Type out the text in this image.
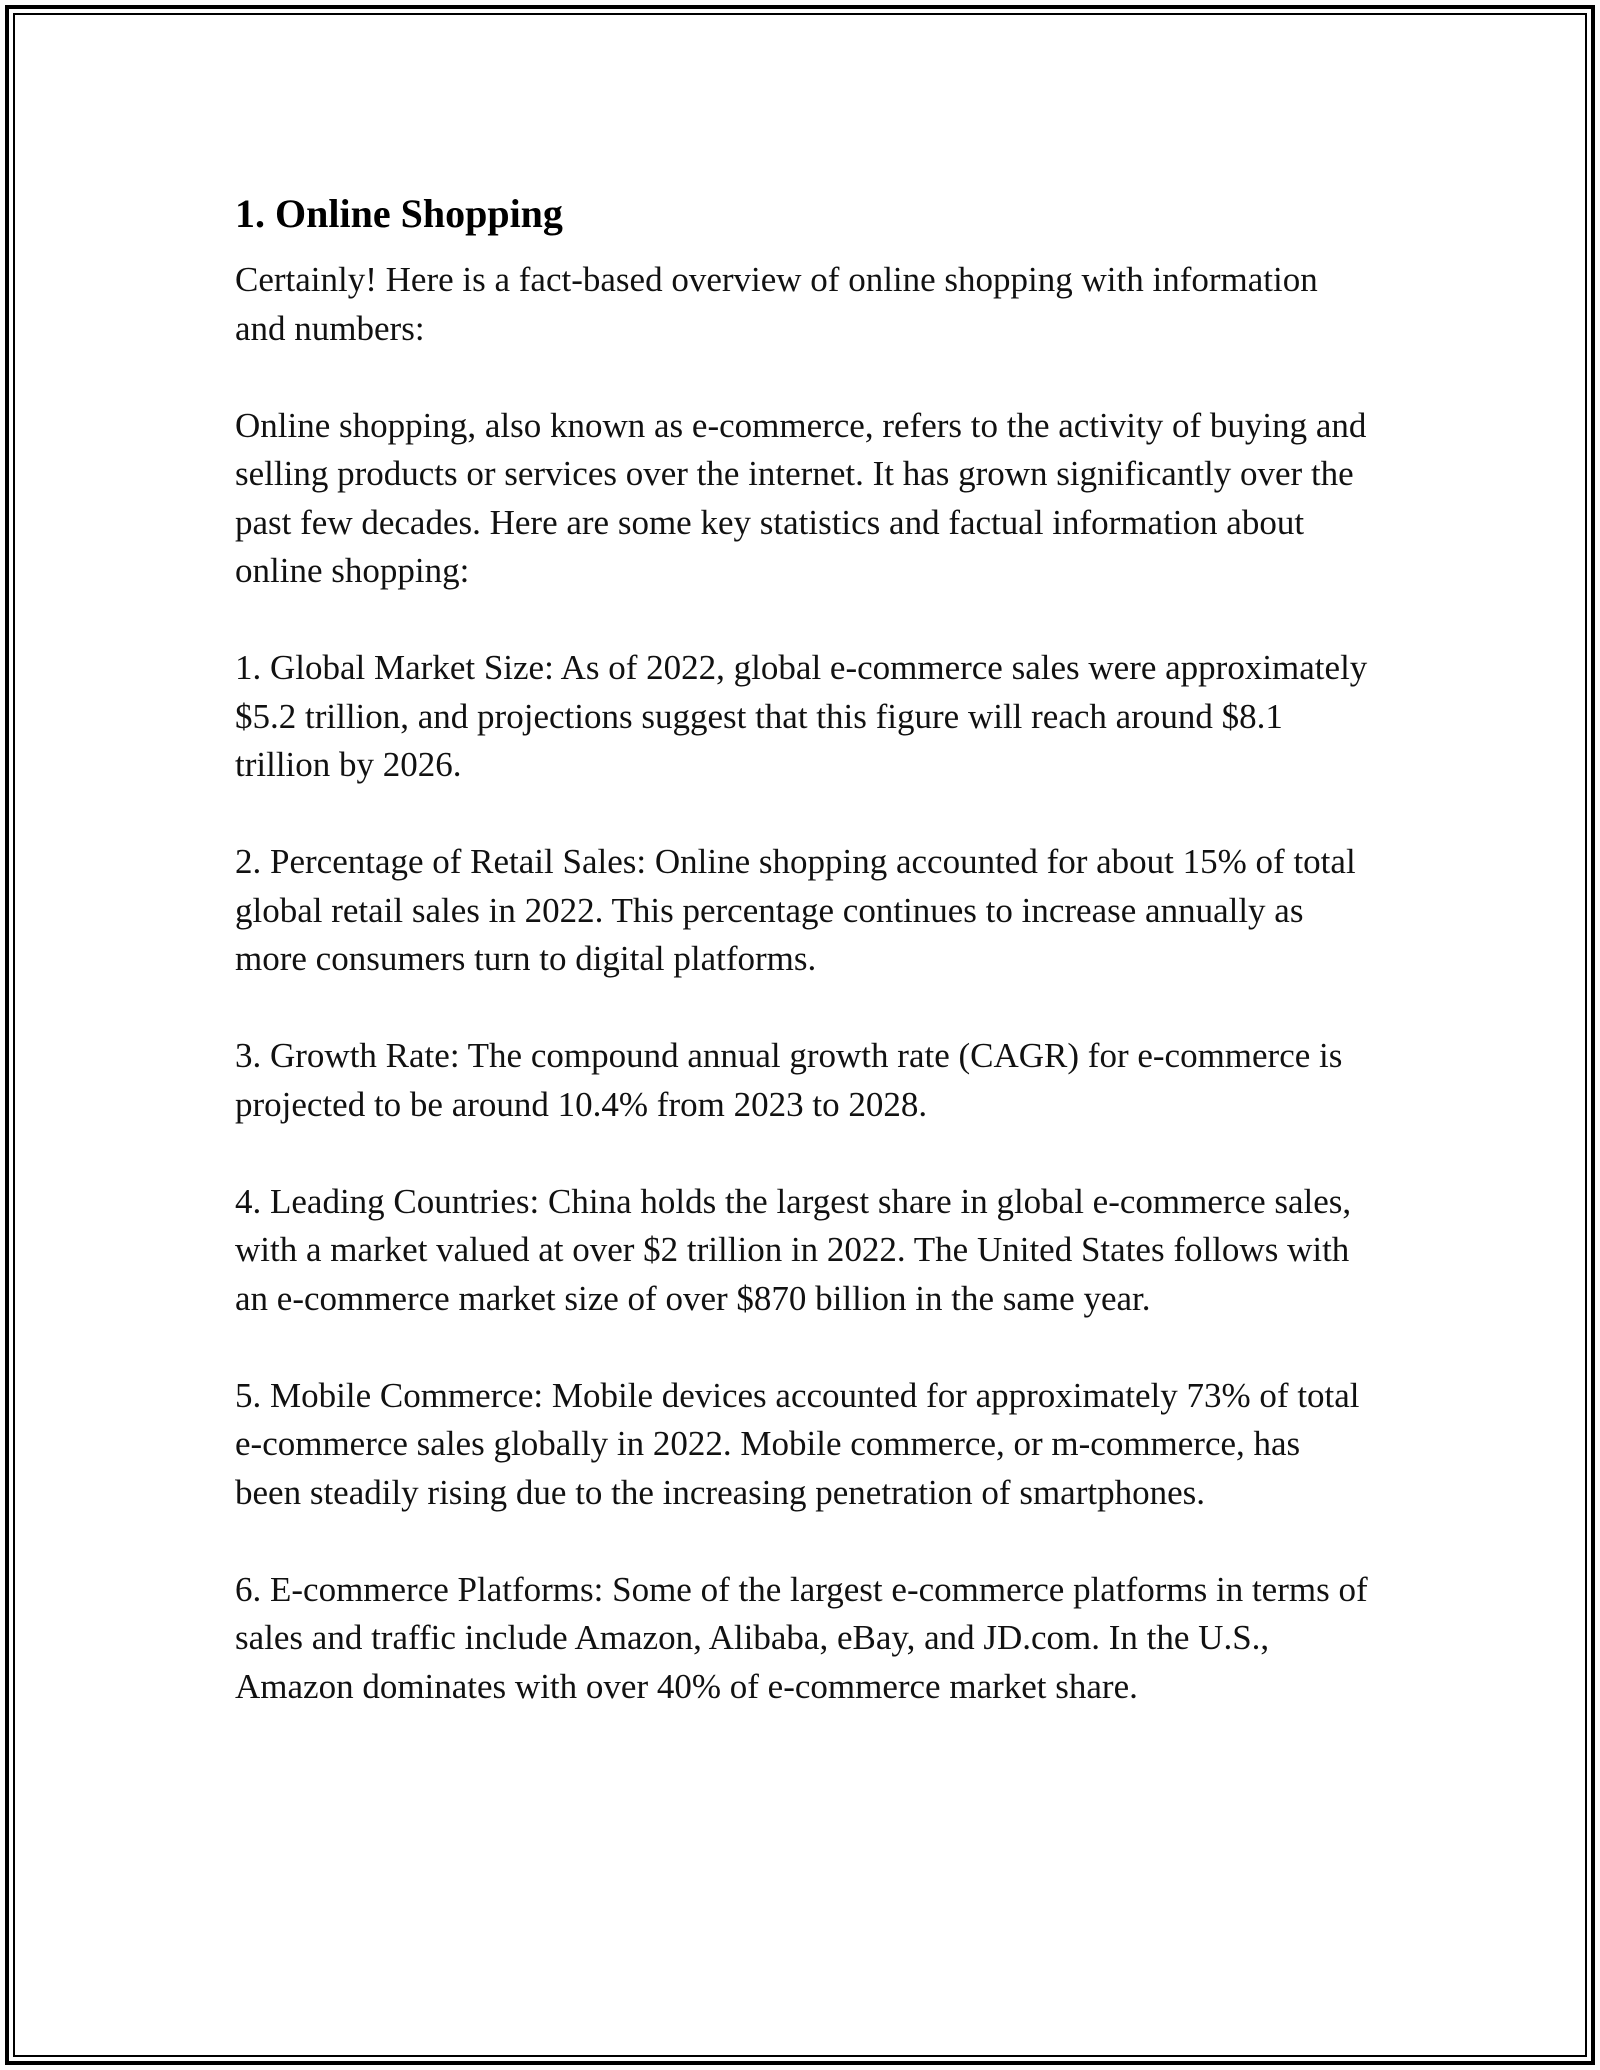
1. Online Shopping

Certainly! Here is a fact-based overview of online shopping with information and numbers:

Online shopping, also known as e-commerce, refers to the activity of buying and selling products or services over the internet. It has grown significantly over the past few decades. Here are some key statistics and factual information about online shopping:

1. Global Market Size: As of 2022, global e-commerce sales were approximately $5.2 trillion, and projections suggest that this figure will reach around $8.1 trillion by 2026.

2. Percentage of Retail Sales: Online shopping accounted for about 15% of total global retail sales in 2022. This percentage continues to increase annually as more consumers turn to digital platforms.

3. Growth Rate: The compound annual growth rate (CAGR) for e-commerce is projected to be around 10.4% from 2023 to 2028.

4. Leading Countries: China holds the largest share in global e-commerce sales, with a market valued at over $2 trillion in 2022. The United States follows with an e-commerce market size of over $870 billion in the same year.

5. Mobile Commerce: Mobile devices accounted for approximately 73% of total e-commerce sales globally in 2022. Mobile commerce, or m-commerce, has been steadily rising due to the increasing penetration of smartphones.

6. E-commerce Platforms: Some of the largest e-commerce platforms in terms of sales and traffic include Amazon, Alibaba, eBay, and JD.com. In the U.S., Amazon dominates with over 40% of e-commerce market share.
